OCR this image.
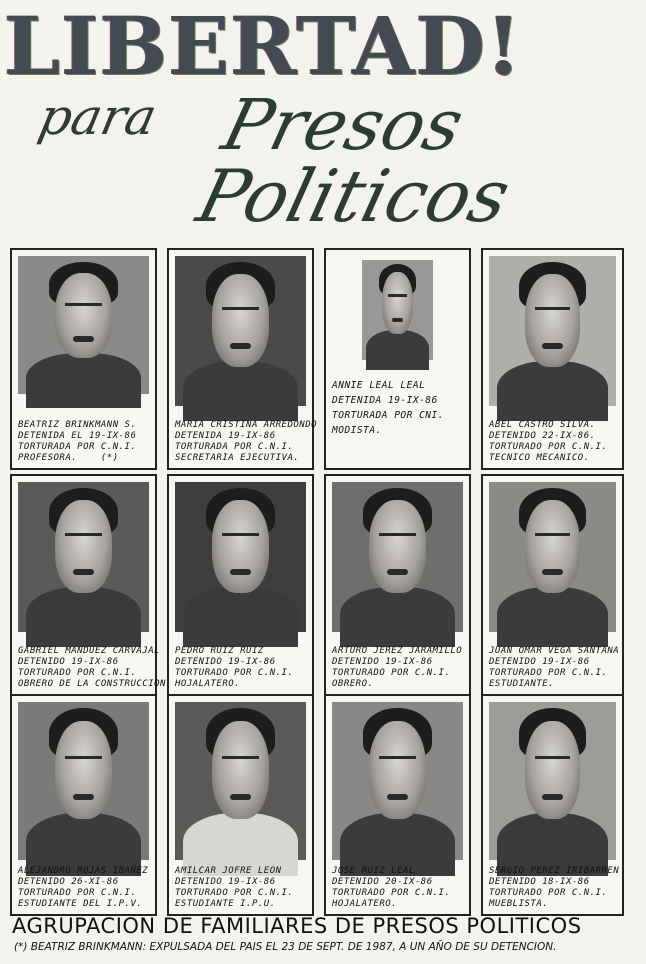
LIBERTAD!
para Presos
Politicos
BEATRIZ BRINKMANN S.
DETENIDA EL 19-IX-86
TORTURADA POR C.N.I.
PROFESORA.	(*)
MARIA CRISTINA ARREDONDO
DETENIDA 19-IX-86
TORTURADA POR C.N.I.
SECRETARIA EJECUTIVA.
ANNIE LEAL LEAL
DETENIDA 19-IX-86
TORTURADA POR CNI.
MODISTA.	ABEL CASTRO SILVA.
DETENIDO 22-IX-86.
TORTURADO POR C.N.I.
TECNICO MECANICO.
GABRIEL MANDUEZ CARVAJAL
DETENIDO 19-IX-86
TORTURADO POR C.N.I.
OBRERO DE LA CONSTRUCCION
PEDRO RUIZ RUIZ
DETENIDO 19-IX-86
TORTURADO POR C.N.I.
HOJALATERO.
ARTURO JEREZ JARAMILLO
DETENIDO 19-IX-86
TORTURADO POR C.N.I.
OBRERO.
JUAN OMAR VEGA SANTANA
DETENIDO 19-IX-86
TORTURADO POR C.N.I.
ESTUDIANTE.
ALEJANDRO ROJAS IBAÑEZ
DETENIDO 26-XI-86
TORTURADO POR C.N.I.
ESTUDIANTE DEL I.P.V.
AMILCAR JOFRE LEON
DETENIDO 19-IX-86
TORTURADO POR C.N.I.
ESTUDIANTE I.P.U.
JOSE RUIZ LEAL
DETENIDO 20-IX-86
TORTURADO POR C.N.I.
HOJALATERO.
SERGIO PEREZ IRIBARREN
DETENIDO 18-IX-86
TORTURADO POR C.N.I.
MUEBLISTA.
AGRUPACION DE FAMILIARES DE PRESOS POLITICOS
(*) BEATRIZ BRINKMANN: EXPULSADA DEL PAIS EL 23 DE SEPT. DE 1987, A UN AÑO DE SU DETENCION.
